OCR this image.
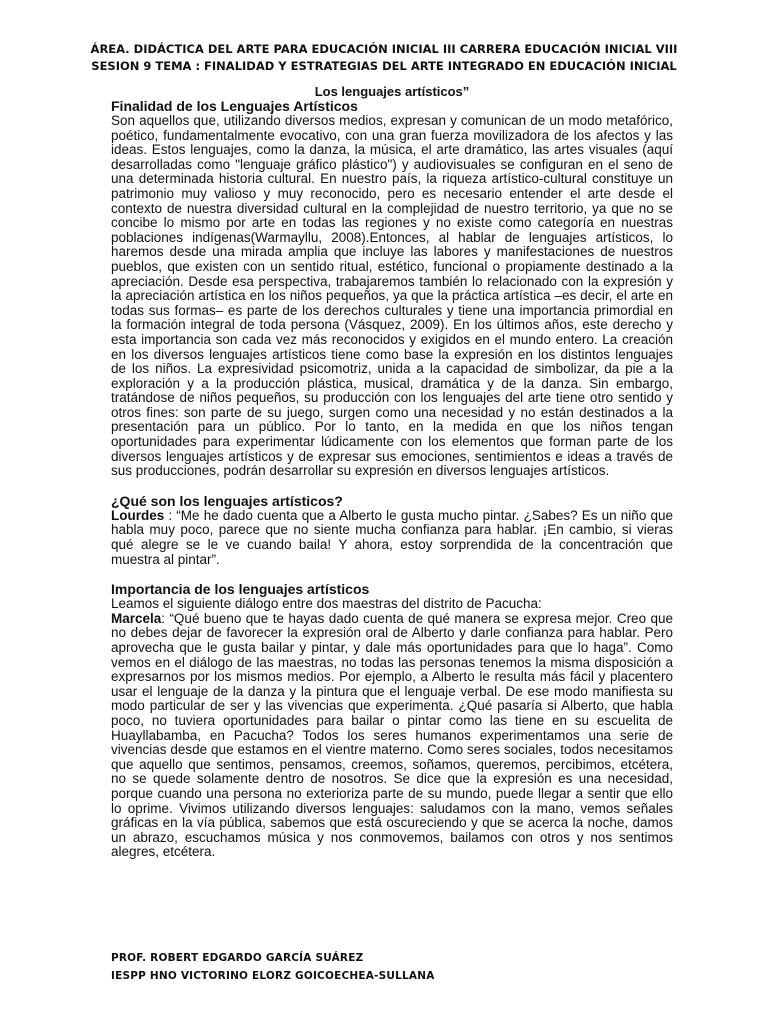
ÁREA. DIDÁCTICA DEL ARTE PARA EDUCACIÓN INICIAL III CARRERA EDUCACIÓN INICIAL VIII
SESION 9 TEMA : FINALIDAD Y ESTRATEGIAS DEL ARTE INTEGRADO EN EDUCACIÓN INICIAL
Los lenguajes artísticos”
Finalidad de los Lenguajes Artísticos

Son aquellos que, utilizando diversos medios, expresan y comunican de un modo metafórico, poético, fundamentalmente evocativo, con una gran fuerza movilizadora de los afectos y las ideas. Estos lenguajes, como la danza, la música, el arte dramático, las artes visuales (aquí desarrolladas como "lenguaje gráfico plástico") y audiovisuales se configuran en el seno de una determinada historia cultural. En nuestro país, la riqueza artístico-cultural constituye un patrimonio muy valioso y muy reconocido, pero es necesario entender el arte desde el contexto de nuestra diversidad cultural en la complejidad de nuestro territorio, ya que no se concibe lo mismo por arte en todas las regiones y no existe como categoría en nuestras poblaciones indígenas(Warmayllu, 2008).Entonces, al hablar de lenguajes artísticos, lo haremos desde una mirada amplia que incluye las labores y manifestaciones de nuestros pueblos, que existen con un sentido ritual, estético, funcional o propiamente destinado a la apreciación. Desde esa perspectiva, trabajaremos también lo relacionado con la expresión y la apreciación artística en los niños pequeños, ya que la práctica artística –es decir, el arte en todas sus formas– es parte de los derechos culturales y tiene una importancia primordial en la formación integral de toda persona (Vásquez, 2009). En los últimos años, este derecho y esta importancia son cada vez más reconocidos y exigidos en el mundo entero. La creación en los diversos lenguajes artísticos tiene como base la expresión en los distintos lenguajes de los niños. La expresividad psicomotriz, unida a la capacidad de simbolizar, da pie a la exploración y a la producción plástica, musical, dramática y de la danza. Sin embargo, tratándose de niños pequeños, su producción con los lenguajes del arte tiene otro sentido y otros fines: son parte de su juego, surgen como una necesidad y no están destinados a la presentación para un público. Por lo tanto, en la medida en que los niños tengan oportunidades para experimentar lúdicamente con los elementos que forman parte de los diversos lenguajes artísticos y de expresar sus emociones, sentimientos e ideas a través de sus producciones, podrán desarrollar su expresión en diversos lenguajes artísticos.

¿Qué son los lenguajes artísticos?

Lourdes : “Me he dado cuenta que a Alberto le gusta mucho pintar. ¿Sabes? Es un niño que habla muy poco, parece que no siente mucha confianza para hablar. ¡En cambio, si vieras qué alegre se le ve cuando baila! Y ahora, estoy sorprendida de la concentración que muestra al pintar”.

Importancia de los lenguajes artísticos

Leamos el siguiente diálogo entre dos maestras del distrito de Pacucha:

Marcela: “Qué bueno que te hayas dado cuenta de qué manera se expresa mejor. Creo que no debes dejar de favorecer la expresión oral de Alberto y darle confianza para hablar. Pero aprovecha que le gusta bailar y pintar, y dale más oportunidades para que lo haga”. Como vemos en el diálogo de las maestras, no todas las personas tenemos la misma disposición a expresarnos por los mismos medios. Por ejemplo, a Alberto le resulta más fácil y placentero usar el lenguaje de la danza y la pintura que el lenguaje verbal. De ese modo manifiesta su modo particular de ser y las vivencias que experimenta. ¿Qué pasaría si Alberto, que habla poco, no tuviera oportunidades para bailar o pintar como las tiene en su escuelita de Huayllabamba, en Pacucha? Todos los seres humanos experimentamos una serie de vivencias desde que estamos en el vientre materno. Como seres sociales, todos necesitamos que aquello que sentimos, pensamos, creemos, soñamos, queremos, percibimos, etcétera, no se quede solamente dentro de nosotros. Se dice que la expresión es una necesidad, porque cuando una persona no exterioriza parte de su mundo, puede llegar a sentir que ello lo oprime. Vivimos utilizando diversos lenguajes: saludamos con la mano, vemos señales gráficas en la vía pública, sabemos que está oscureciendo y que se acerca la noche, damos un abrazo, escuchamos música y nos conmovemos, bailamos con otros y nos sentimos alegres, etcétera.

PROF. ROBERT EDGARDO GARCÍA SUÁREZ
IESPP HNO VICTORINO ELORZ GOICOECHEA-SULLANA
